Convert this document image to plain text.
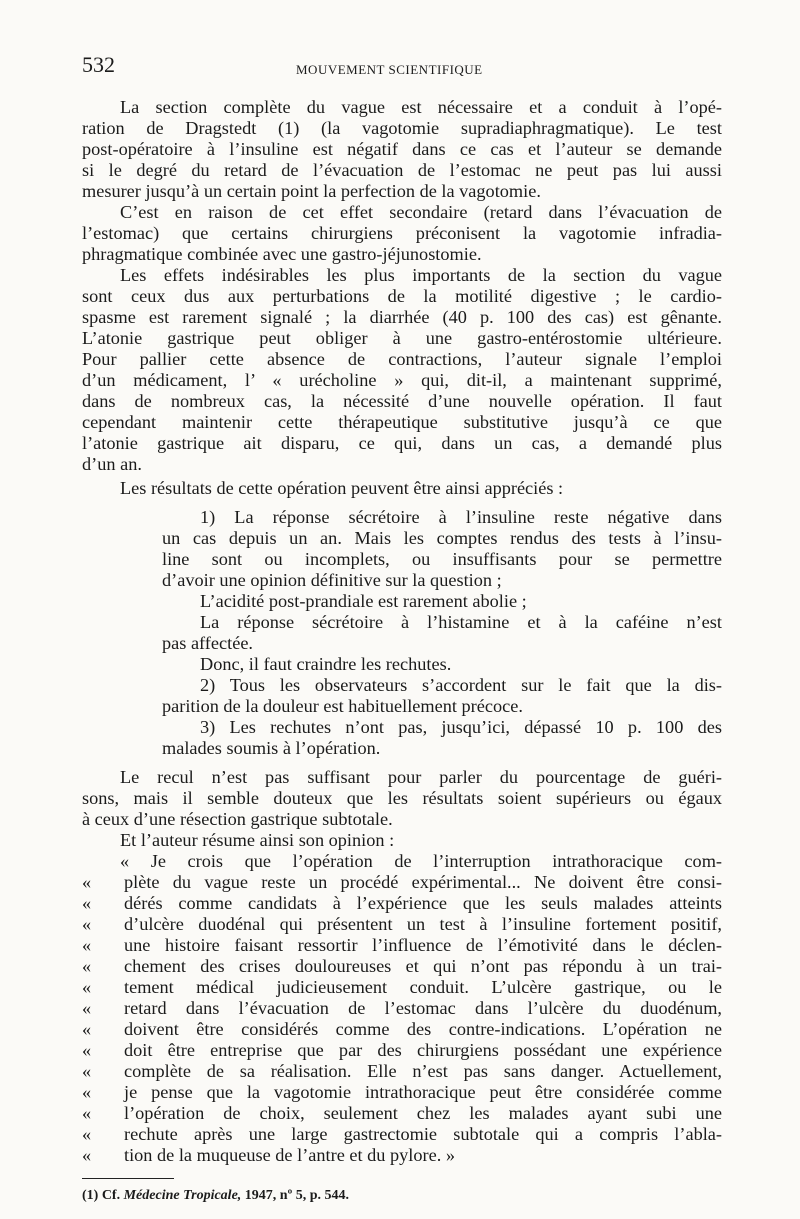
532	MOUVEMENT SCIENTIFIQUE
La section complète du vague est nécessaire et a conduit à l’opé-
ration de Dragstedt (1) (la vagotomie supradiaphragmatique). Le test
post-opératoire à l’insuline est négatif dans ce cas et l’auteur se demande
si le degré du retard de l’évacuation de l’estomac ne peut pas lui aussi
mesurer jusqu’à un certain point la perfection de la vagotomie.
C’est en raison de cet effet secondaire (retard dans l’évacuation de
l’estomac) que certains chirurgiens préconisent la vagotomie infradia-
phragmatique combinée avec une gastro-jéjunostomie.
Les effets indésirables les plus importants de la section du vague
sont ceux dus aux perturbations de la motilité digestive ; le cardio-
spasme est rarement signalé ; la diarrhée (40 p. 100 des cas) est gênante.
L’atonie gastrique peut obliger à une gastro-entérostomie ultérieure.
Pour pallier cette absence de contractions, l’auteur signale l’emploi
d’un médicament, l’ « urécholine » qui, dit-il, a maintenant supprimé,
dans de nombreux cas, la nécessité d’une nouvelle opération. Il faut
cependant maintenir cette thérapeutique substitutive jusqu’à ce que
l’atonie gastrique ait disparu, ce qui, dans un cas, a demandé plus
d’un an.
Les résultats de cette opération peuvent être ainsi appréciés :
1) La réponse sécrétoire à l’insuline reste négative dans
un cas depuis un an. Mais les comptes rendus des tests à l’insu-
line sont ou incomplets, ou insuffisants pour se permettre
d’avoir une opinion définitive sur la question ;
L’acidité post-prandiale est rarement abolie ;
La réponse sécrétoire à l’histamine et à la caféine n’est
pas affectée.
Donc, il faut craindre les rechutes.
2) Tous les observateurs s’accordent sur le fait que la dis-
parition de la douleur est habituellement précoce.
3) Les rechutes n’ont pas, jusqu’ici, dépassé 10 p. 100 des
malades soumis à l’opération.
Le recul n’est pas suffisant pour parler du pourcentage de guéri-
sons, mais il semble douteux que les résultats soient supérieurs ou égaux
à ceux d’une résection gastrique subtotale.
Et l’auteur résume ainsi son opinion :
« Je crois que l’opération de l’interruption intrathoracique com-
« plète du vague reste un procédé expérimental... Ne doivent être consi-
« dérés comme candidats à l’expérience que les seuls malades atteints
« d’ulcère duodénal qui présentent un test à l’insuline fortement positif,
« une histoire faisant ressortir l’influence de l’émotivité dans le déclen-
« chement des crises douloureuses et qui n’ont pas répondu à un trai-
« tement médical judicieusement conduit. L’ulcère gastrique, ou le
« retard dans l’évacuation de l’estomac dans l’ulcère du duodénum,
« doivent être considérés comme des contre-indications. L’opération ne
« doit être entreprise que par des chirurgiens possédant une expérience
« complète de sa réalisation. Elle n’est pas sans danger. Actuellement,
« je pense que la vagotomie intrathoracique peut être considérée comme
« l’opération de choix, seulement chez les malades ayant subi une
« rechute après une large gastrectomie subtotale qui a compris l’abla-
« tion de la muqueuse de l’antre et du pylore. »
(1) Cf. Médecine Tropicale, 1947, nº 5, p. 544.
